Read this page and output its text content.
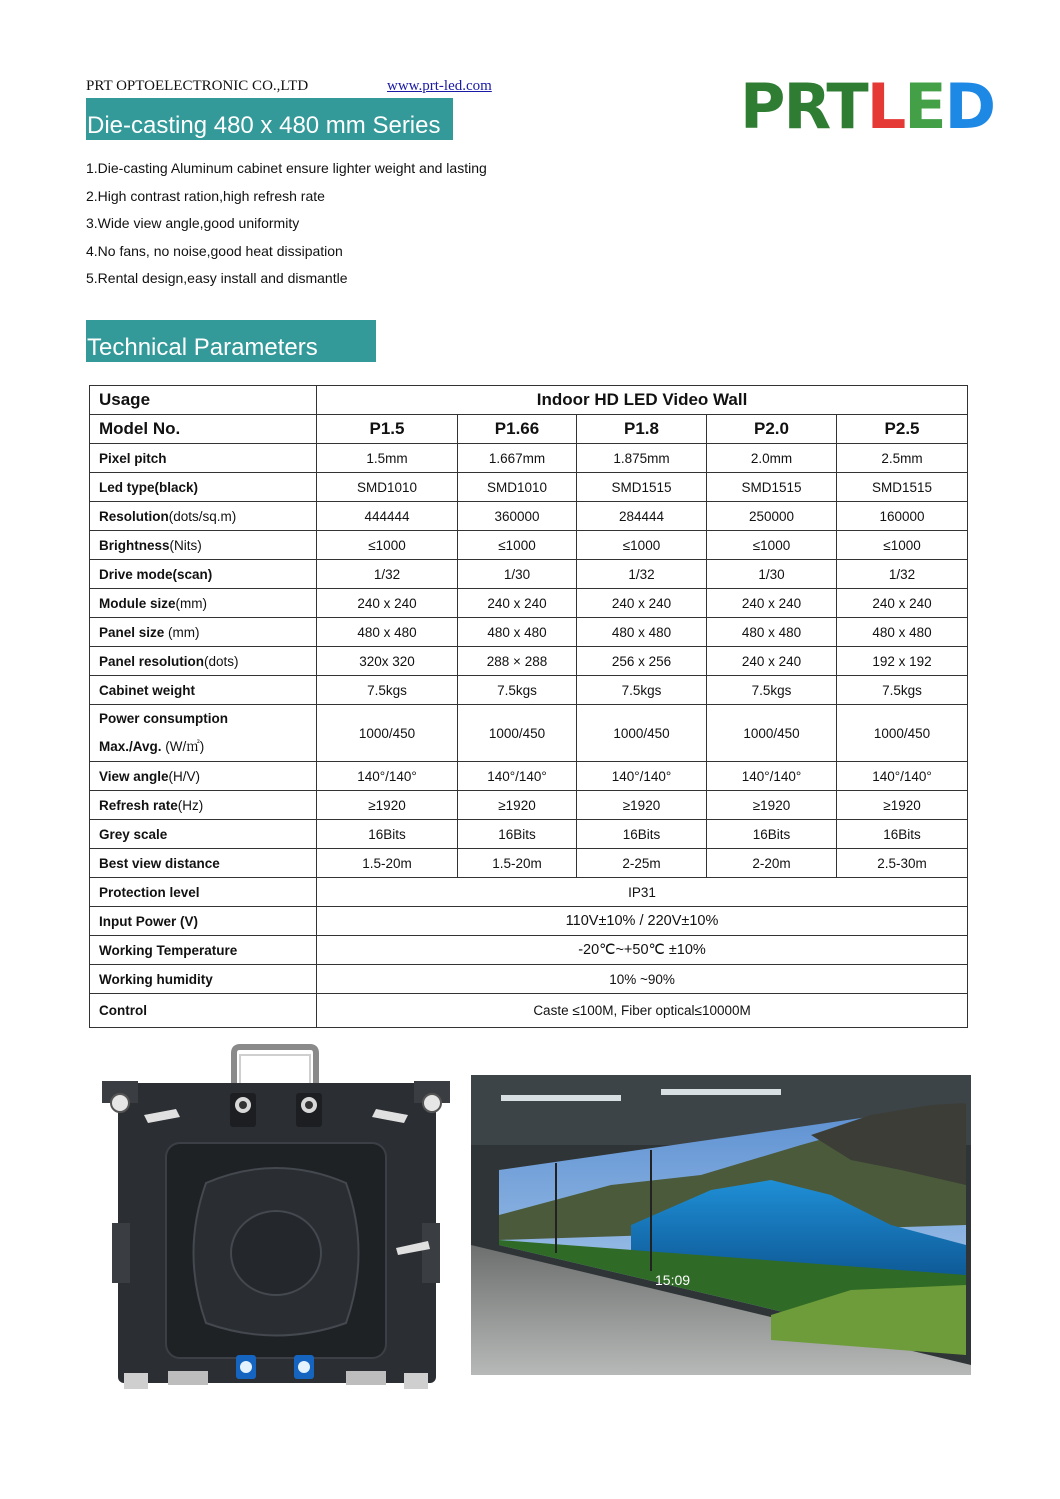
PRT OPTOELECTRONIC CO.,LTD	www.prt-led.com	PRTLED
Die-casting 480 x 480 mm Series
1.Die-casting Aluminum cabinet ensure lighter weight and lasting
2.High contrast ration,high refresh rate
3.Wide view angle,good uniformity
4.No fans, no noise,good heat dissipation
5.Rental design,easy install and dismantle
Technical Parameters
Usage	Indoor HD LED Video Wall				
Model No.	P1.5	P1.66	P1.8	P2.0	P2.5
Pixel pitch	1.5mm	1.667mm	1.875mm	2.0mm	2.5mm
Led type(black)	SMD1010	SMD1010	SMD1515	SMD1515	SMD1515
Resolution(dots/sq.m)	444444	360000	284444	250000	160000
Brightness(Nits)	≤1000	≤1000	≤1000	≤1000	≤1000
Drive mode(scan)	1/32	1/30	1/32	1/30	1/32
Module size(mm)	240 x 240	240 x 240	240 x 240	240 x 240	240 x 240
Panel size (mm)	480 x 480	480 x 480	480 x 480	480 x 480	480 x 480
Panel resolution(dots)	320x 320	288 × 288	256 x 256	240 x 240	192 x 192
Cabinet weight	7.5kgs	7.5kgs	7.5kgs	7.5kgs	7.5kgs
Power consumption
Max./Avg. (W/㎡)	1000/450	1000/450	1000/450	1000/450	1000/450
View angle(H/V)	140°/140°	140°/140°	140°/140°	140°/140°	140°/140°
Refresh rate(Hz)	≥1920	≥1920	≥1920	≥1920	≥1920
Grey scale	16Bits	16Bits	16Bits	16Bits	16Bits
Best view distance	1.5-20m	1.5-20m	2-25m	2-20m	2.5-30m
Protection level	IP31				
Input Power (V)	110V±10% / 220V±10%				
Working Temperature	-20℃~+50℃ ±10%				
Working humidity	10% ~90%				
Control	Caste ≤100M, Fiber optical≤10000M				
15:09
